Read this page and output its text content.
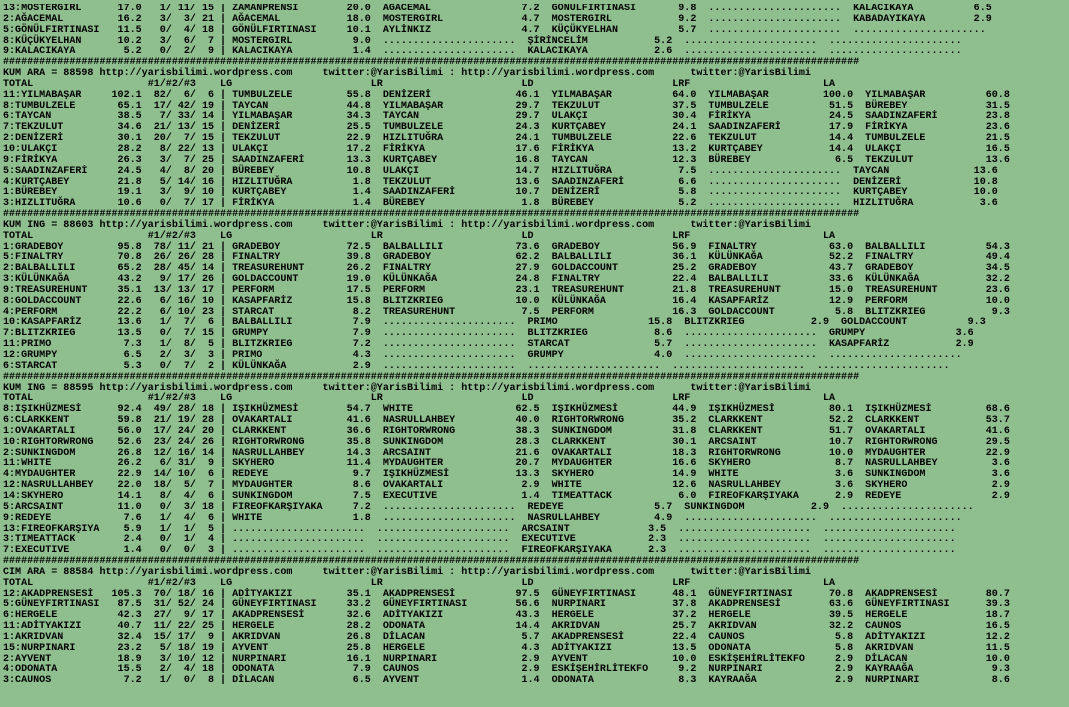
13:MOSTERGIRL      17.0   1/ 11/ 15 | ZAMANPRENSİ        20.0  AĞACEMAL               7.2  GÖNÜLFIRTINASI       9.8  ......................  KALACIKAYA          6.5
2:AĞACEMAL         16.2   3/  3/ 21 | AĞACEMAL           18.0  MOSTERGIRL             4.7  MOSTERGIRL           9.2  ......................  KABADAYIKAYA        2.9
5:GÖNÜLFIRTINASI   11.5   0/  4/ 18 | GÖNÜLFIRTINASI     10.1  AYLİNKIZ               4.7  KÜÇÜKYELHAN          5.7  ......................  ......................
8:KÜÇÜKYELHAN      10.2   3/  6/  7 | MOSTERGIRL          9.0  ......................  ŞİRİNCELİM           5.2  ......................  ......................
9:KALACIKAYA        5.2   0/  2/  9 | KALACIKAYA          1.4  ......................  KALACIKAYA           2.6  ......................  ......................
##############################################################################################################################################
KUM ARA = 88598 http://yarisbilimi.wordpress.com     twitter:@YarisBilimi : http://yarisbilimi.wordpress.com      twitter:@YarisBilimi
TOTAL                   #1/#2/#3    LG                       LR                       LD                       LRF                      LA
11:YILMABAŞAR     102.1  82/  6/  6 | TUMBULZELE         55.8  DENİZERİ              46.1  YILMABAŞAR          64.0  YILMABAŞAR         100.0  YILMABAŞAR          60.8
8:TUMBULZELE       65.1  17/ 42/ 19 | TAYCAN             44.8  YILMABAŞAR            29.7  TEKZULUT            37.5  TUMBULZELE          51.5  BÜREBEY             31.5
6:TAYCAN           38.5   7/ 33/ 14 | YILMABAŞAR         34.3  TAYCAN                29.7  ULAKÇI              30.4  FİRİKYA             24.5  SAADINZAFERİ        23.8
7:TEKZULUT         34.6  21/ 13/ 15 | DENİZERİ           25.5  TUMBULZELE            24.3  KURTÇABEY           24.1  SAADINZAFERİ        17.9  FİRİKYA             23.6
2:DENİZERİ         30.1  20/  7/ 15 | TEKZULUT           22.9  HIZLITUĞRA            24.1  TUMBULZELE          22.6  TEKZULUT            14.4  TUMBULZELE          21.5
10:ULAKÇI          28.2   8/ 22/ 13 | ULAKÇI             17.2  FİRİKYA               17.6  FİRİKYA             13.2  KURTÇABEY           14.4  ULAKÇI              16.5
9:FİRİKYA          26.3   3/  7/ 25 | SAADINZAFERİ       13.3  KURTÇABEY             16.8  TAYCAN              12.3  BÜREBEY              6.5  TEKZULUT            13.6
5:SAADINZAFERİ     24.5   4/  8/ 20 | BÜREBEY            10.8  ULAKÇI                14.7  HIZLITUĞRA           7.5  ......................  TAYCAN              13.6
4:KURTÇABEY        21.8   5/ 14/ 16 | HIZLITUĞRA          1.8  TEKZULUT              13.6  SAADINZAFERİ         6.6  ......................  DENİZERİ            10.8
1:BÜREBEY          19.1   3/  9/ 10 | KURTÇABEY           1.4  SAADINZAFERİ          10.7  DENİZERİ             5.8  ......................  KURTÇABEY           10.0
3:HIZLITUĞRA       10.6   0/  7/ 17 | FİRİKYA             1.4  BÜREBEY                1.8  BÜREBEY              5.2  ......................  HIZLITUĞRA           3.6
##############################################################################################################################################
KUM ING = 88603 http://yarisbilimi.wordpress.com     twitter:@YarisBilimi : http://yarisbilimi.wordpress.com      twitter:@YarisBilimi
TOTAL                   #1/#2/#3    LG                       LR                       LD                       LRF                      LA
1:GRADEBOY         95.8  78/ 11/ 21 | GRADEBOY           72.5  BALBALLILI            73.6  GRADEBOY            56.9  FINALTRY            63.0  BALBALLILI          54.3
5:FINALTRY         70.8  26/ 26/ 28 | FINALTRY           39.8  GRADEBOY              62.2  BALBALLILI          36.1  KÜLÜNKAĞA           52.2  FINALTRY            49.4
2:BALBALLILI       65.2  28/ 45/ 14 | TREASUREHUNT       26.2  FINALTRY              27.9  GOLDACCOUNT         25.2  GRADEBOY            43.7  GRADEBOY            34.5
3:KÜLÜNKAĞA        43.2   9/ 17/ 26 | GOLDACCOUNT        19.0  KÜLÜNKAĞA             24.8  FINALTRY            22.4  BALBALLILI          33.6  KÜLÜNKAĞA           32.2
9:TREASUREHUNT     35.1  13/ 13/ 17 | PERFORM            17.5  PERFORM               23.1  TREASUREHUNT        21.8  TREASUREHUNT        15.0  TREASUREHUNT        23.6
8:GOLDACCOUNT      22.6   6/ 16/ 10 | KASAPFARİZ         15.8  BLITZKRIEG            10.0  KÜLÜNKAĞA           16.4  KASAPFARİZ          12.9  PERFORM             10.0
4:PERFORM          22.2   6/ 10/ 23 | STARCAT             8.2  TREASUREHUNT           7.5  PERFORM             16.3  GOLDACCOUNT          5.8  BLITZKRIEG           9.3
10:KASAPFARİZ      13.6   1/  7/  6 | BALBALLILI          7.9  ......................  PRIMO               15.8  BLITZKRIEG           2.9  GOLDACCOUNT          9.3
7:BLITZKRIEG       13.5   0/  7/ 15 | GRUMPY              7.9  ......................  BLITZKRIEG           8.6  ......................  GRUMPY               3.6
11:PRIMO            7.3   1/  8/  5 | BLITZKRIEG          7.2  ......................  STARCAT              5.7  ......................  KASAPFARİZ           2.9
12:GRUMPY           6.5   2/  3/  3 | PRIMO               4.3  ......................  GRUMPY               4.0  ......................  ......................
6:STARCAT           5.3   0/  7/  2 | KÜLÜNKAĞA           2.9  ......................  ......................  ......................  ......................
##############################################################################################################################################
KUM ING = 88595 http://yarisbilimi.wordpress.com     twitter:@YarisBilimi : http://yarisbilimi.wordpress.com      twitter:@YarisBilimi
TOTAL                   #1/#2/#3    LG                       LR                       LD                       LRF                      LA
8:IŞIKHÜZMESİ      92.4  49/ 28/ 18 | IŞIKHÜZMESİ        54.7  WHITE                 62.5  IŞIKHÜZMESİ         44.9  IŞIKHÜZMESİ         80.1  IŞIKHÜZMESİ         68.6
6:CLARKKENT        59.8  21/ 19/ 28 | OVAKARTALI         41.6  NASRULLAHBEY          40.0  RIGHTORWRONG        35.2  CLARKKENT           52.2  CLARKKENT           53.7
1:OVAKARTALI       56.0  17/ 24/ 20 | CLARKKENT          36.6  RIGHTORWRONG          38.3  SUNKINGDOM          31.8  CLARKKENT           51.7  OVAKARTALI          41.6
10:RIGHTORWRONG    52.6  23/ 24/ 26 | RIGHTORWRONG       35.8  SUNKINGDOM            28.3  CLARKKENT           30.1  ARCSAINT            10.7  RIGHTORWRONG        29.5
2:SUNKINGDOM       26.8  12/ 16/ 14 | NASRULLAHBEY       14.3  ARCSAINT              21.6  OVAKARTALI          18.3  RIGHTORWRONG        10.0  MYDAUGHTER          22.9
11:WHITE           26.2   6/ 31/  9 | SKYHERO            11.4  MYDAUGHTER            20.7  MYDAUGHTER          16.6  SKYHERO              8.7  NASRULLAHBEY         3.6
4:MYDAUGHTER       22.9  14/ 10/  6 | REDEYE              9.7  IŞIKHÜZMESİ           13.3  SKYHERO             14.9  WHITE                3.6  SUNKINGDOM           3.6
12:NASRULLAHBEY    22.0  18/  5/  7 | MYDAUGHTER          8.6  OVAKARTALI             2.9  WHITE               12.6  NASRULLAHBEY         3.6  SKYHERO              2.9
14:SKYHERO         14.1   8/  4/  6 | SUNKINGDOM          7.5  EXECUTIVE              1.4  TIMEATTACK           6.0  FIREOFKARŞIYAKA      2.9  REDEYE               2.9
5:ARCSAINT         11.0   0/  3/ 18 | FIREOFKARŞIYAKA     7.2  ......................  REDEYE               5.7  SUNKINGDOM           2.9  ......................
9:REDEYE            7.6   1/  4/  6 | WHITE               1.8  ......................  NASRULLAHBEY         4.9  ......................  ......................
13:FIREOFKARŞIYA    5.9   1/  1/  5 | ......................  ......................  ARCSAINT             3.5  ......................  ......................
3:TIMEATTACK        2.4   0/  1/  4 | ......................  ......................  EXECUTIVE            2.3  ......................  ......................
7:EXECUTIVE         1.4   0/  0/  3 | ......................  ......................  FIREOFKARŞIYAKA      2.3  ......................  ......................
##############################################################################################################################################
CIM ARA = 88584 http://yarisbilimi.wordpress.com     twitter:@YarisBilimi : http://yarisbilimi.wordpress.com      twitter:@YarisBilimi
TOTAL                   #1/#2/#3    LG                       LR                       LD                       LRF                      LA
12:AKADPRENSESİ   105.3  70/ 18/ 16 | ADİTYAKIZI         35.1  AKADPRENSESİ          97.5  GÜNEYFIRTINASI      48.1  GÜNEYFIRTINASI      70.8  AKADPRENSESİ        80.7
5:GÜNEYFIRTINASI   87.5  31/ 52/ 24 | GÜNEYFIRTINASI     33.2  GÜNEYFIRTINASI        56.6  NURPINARI           37.8  AKADPRENSESİ        63.6  GÜNEYFIRTINASI      39.3
6:HERGELE          42.3  27/  9/ 17 | AKADPRENSESİ       32.6  ADİTYAKIZI            43.3  HERGELE             37.2  HERGELE             39.5  HERGELE             18.7
11:ADİTYAKIZI      40.7  11/ 22/ 25 | HERGELE            28.2  ODONATA               14.4  AKRIDVAN            25.7  AKRIDVAN            32.2  CAUNOS              16.5
1:AKRIDVAN         32.4  15/ 17/  9 | AKRIDVAN           26.8  DİLACAN                5.7  AKADPRENSESİ        22.4  CAUNOS               5.8  ADİTYAKIZI          12.2
15:NURPINARI       23.2   5/ 18/ 19 | AYVENT             25.8  HERGELE                4.3  ADİTYAKIZI          13.5  ODONATA              5.8  AKRIDVAN            11.5
2:AYVENT           18.9   3/ 10/ 12 | NURPINARI          16.1  NURPINARI              2.9  AYVENT              10.0  ESKİŞEHİRLİTEKFO     2.9  DİLACAN             10.0
4:ODONATA          15.5   2/  4/ 18 | ODONATA             7.9  CAUNOS                 2.9  ESKİŞEHİRLİTEKFO     9.2  NURPINARI            2.9  KAYRAAĞA             9.3
3:CAUNOS            7.2   1/  0/  8 | DİLACAN             6.5  AYVENT                 1.4  ODONATA              8.3  KAYRAAĞA             2.9  NURPINARI            8.6
